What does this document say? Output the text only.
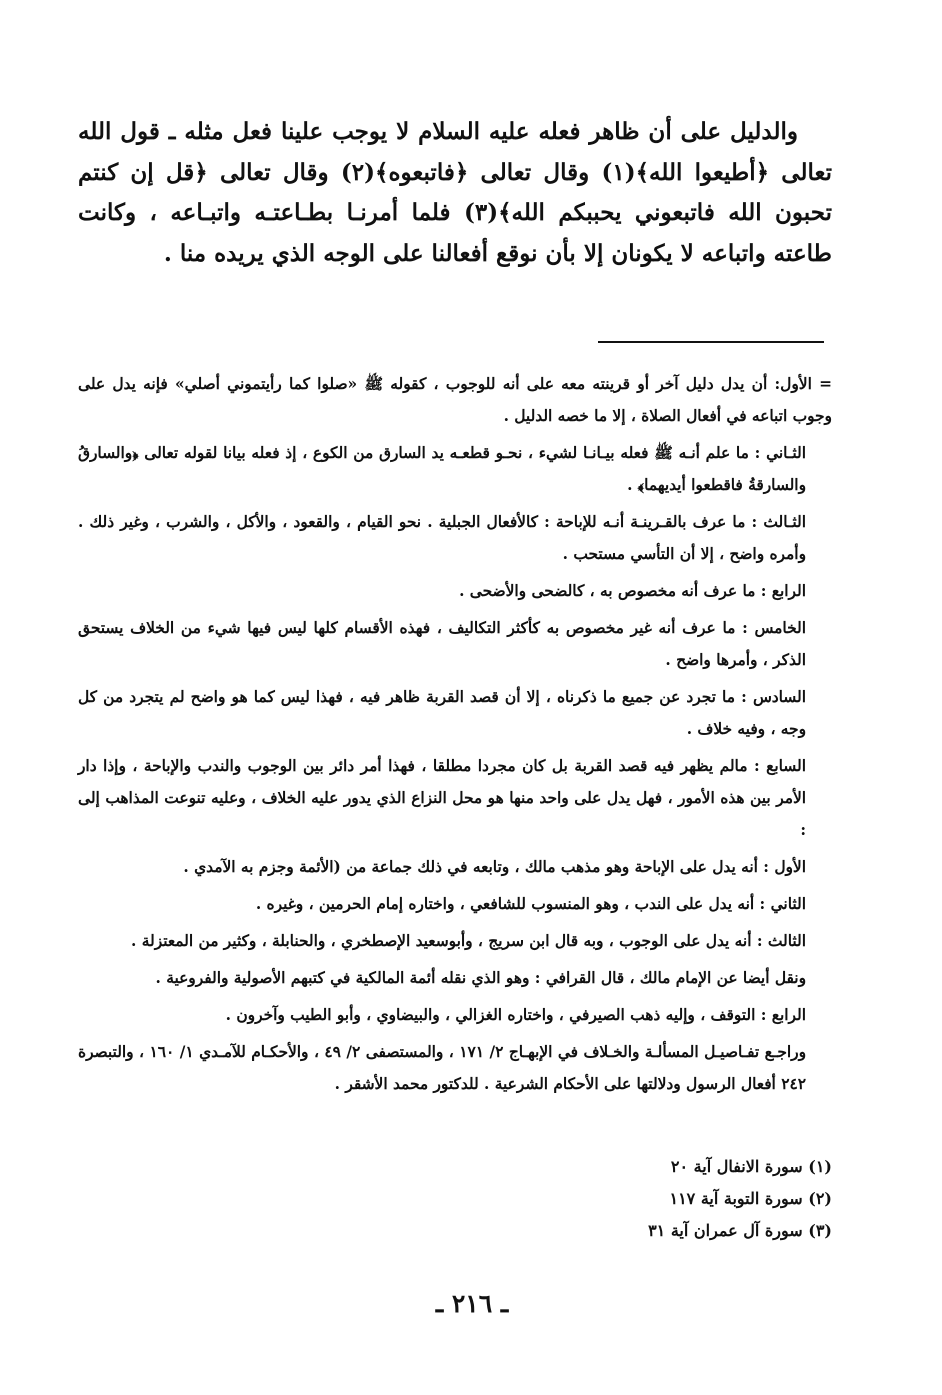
والدليل على أن ظاهر فعله عليه السلام لا يوجب علينا فعل مثله ـ قول الله تعالى ﴿أطيعوا الله﴾(١) وقال تعالى ﴿فاتبعوه﴾(٢) وقال تعالى ﴿قل إن كنتم تحبون الله فاتبعوني يحببكم الله﴾(٣) فلما أمرنـا بطـاعتـه واتبـاعه ، وكانت طاعته واتباعه لا يكونان إلا بأن نوقع أفعالنا على الوجه الذي يريده منا .

= الأول: أن يدل دليل آخر أو قرينته معه على أنه للوجوب ، كقوله ﷺ «صلوا كما رأيتموني أصلي» فإنه يدل على وجوب اتباعه في أفعال الصلاة ، إلا ما خصه الدليل .

الثـاني : ما علم أنـه ﷺ فعله بيـانـا لشيء ، نحـو قطعـه يد السارق من الكوع ، إذ فعله بيانا لقوله تعالى ﴿والسارقُ والسارقةُ فاقطعوا أيديهما﴾ .

الثـالث : ما عرف بالقـرينـة أنـه للإباحة : كالأفعال الجبلية . نحو القيام ، والقعود ، والأكل ، والشرب ، وغير ذلك . وأمره واضح ، إلا أن التأسي مستحب .

الرابع : ما عرف أنه مخصوص به ، كالضحى والأضحى .

الخامس : ما عرف أنه غير مخصوص به كأكثر التكاليف ، فهذه الأقسام كلها ليس فيها شيء من الخلاف يستحق الذكر ، وأمرها واضح .

السادس : ما تجرد عن جميع ما ذكرناه ، إلا أن قصد القربة ظاهر فيه ، فهذا ليس كما هو واضح لم يتجرد من كل وجه ، وفيه خلاف .

السابع : مالم يظهر فيه قصد القربة بل كان مجردا مطلقا ، فهذا أمر دائر بين الوجوب والندب والإباحة ، وإذا دار الأمر بين هذه الأمور ، فهل يدل على واحد منها هو محل النزاع الذي يدور عليه الخلاف ، وعليه تنوعت المذاهب إلى :

الأول : أنه يدل على الإباحة وهو مذهب مالك ، وتابعه في ذلك جماعة من (الأئمة وجزم به الآمدي .

الثاني : أنه يدل على الندب ، وهو المنسوب للشافعي ، واختاره إمام الحرمين ، وغيره .

الثالث : أنه يدل على الوجوب ، وبه قال ابن سريج ، وأبوسعيد الإصطخري ، والحنابلة ، وكثير من المعتزلة .

ونقل أيضا عن الإمام مالك ، قال القرافي : وهو الذي نقله أئمة المالكية في كتبهم الأصولية والفروعية .

الرابع : التوقف ، وإليه ذهب الصيرفي ، واختاره الغزالي ، والبيضاوي ، وأبو الطيب وآخرون .

وراجـع تفـاصيـل المسألـة والخـلاف في الإبهـاج ٢/ ١٧١ ، والمستصفى ٢/ ٤٩ ، والأحكـام للآمـدي ١/ ١٦٠ ، والتبصرة ٢٤٢ أفعال الرسول ودلالتها على الأحكام الشرعية . للدكتور محمد الأشقر .

(١) سورة الانفال آية ٢٠
(٢) سورة التوبة آية ١١٧
(٣) سورة آل عمران آية ٣١
ـ ٢١٦ ـ
